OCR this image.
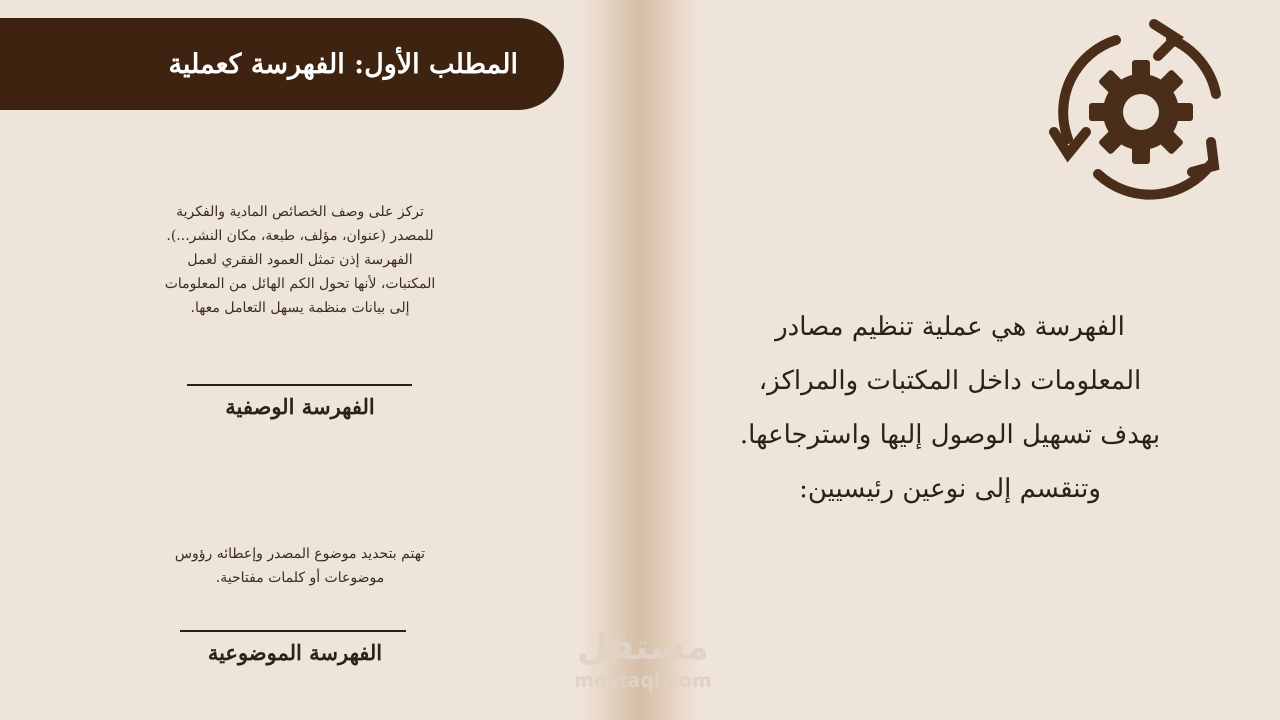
المطلب الأول: الفهرسة كعملية
الفهرسة هي عملية تنظيم مصادر
المعلومات داخل المكتبات والمراكز،
بهدف تسهيل الوصول إليها واسترجاعها.
وتنقسم إلى نوعين رئيسيين:
تركز على وصف الخصائص المادية والفكرية
للمصدر (عنوان، مؤلف، طبعة، مكان النشر...).
الفهرسة إذن تمثل العمود الفقري لعمل
المكتبات، لأنها تحول الكم الهائل من المعلومات
إلى بيانات منظمة يسهل التعامل معها.
الفهرسة الوصفية
تهتم بتحديد موضوع المصدر وإعطائه رؤوس
موضوعات أو كلمات مفتاحية.
الفهرسة الموضوعية	مستقل
mostaql.com
